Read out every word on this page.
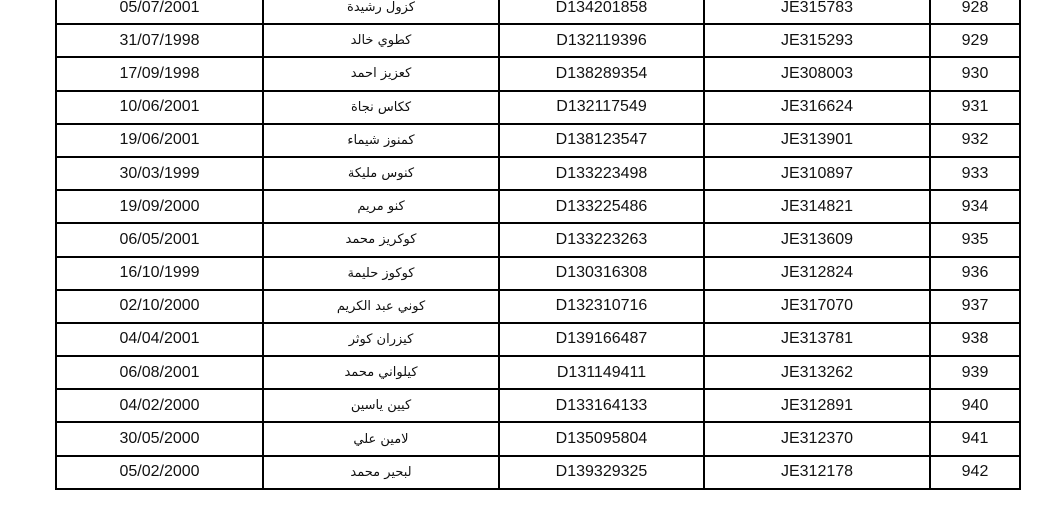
05/07/2001	كزول رشيدة	D134201858	JE315783	928
31/07/1998	كطوي خالد	D132119396	JE315293	929
17/09/1998	كعزيز احمد	D138289354	JE308003	930
10/06/2001	ككاس نجاة	D132117549	JE316624	931
19/06/2001	كمنوز شيماء	D138123547	JE313901	932
30/03/1999	كنوس مليكة	D133223498	JE310897	933
19/09/2000	كنو مريم	D133225486	JE314821	934
06/05/2001	كوكريز محمد	D133223263	JE313609	935
16/10/1999	كوكوز حليمة	D130316308	JE312824	936
02/10/2000	كوني عبد الكريم	D132310716	JE317070	937
04/04/2001	كيزران كوثر	D139166487	JE313781	938
06/08/2001	كيلواني محمد	D131149411	JE313262	939
04/02/2000	كيين ياسين	D133164133	JE312891	940
30/05/2000	لامين علي	D135095804	JE312370	941
05/02/2000	لبحير محمد	D139329325	JE312178	942
